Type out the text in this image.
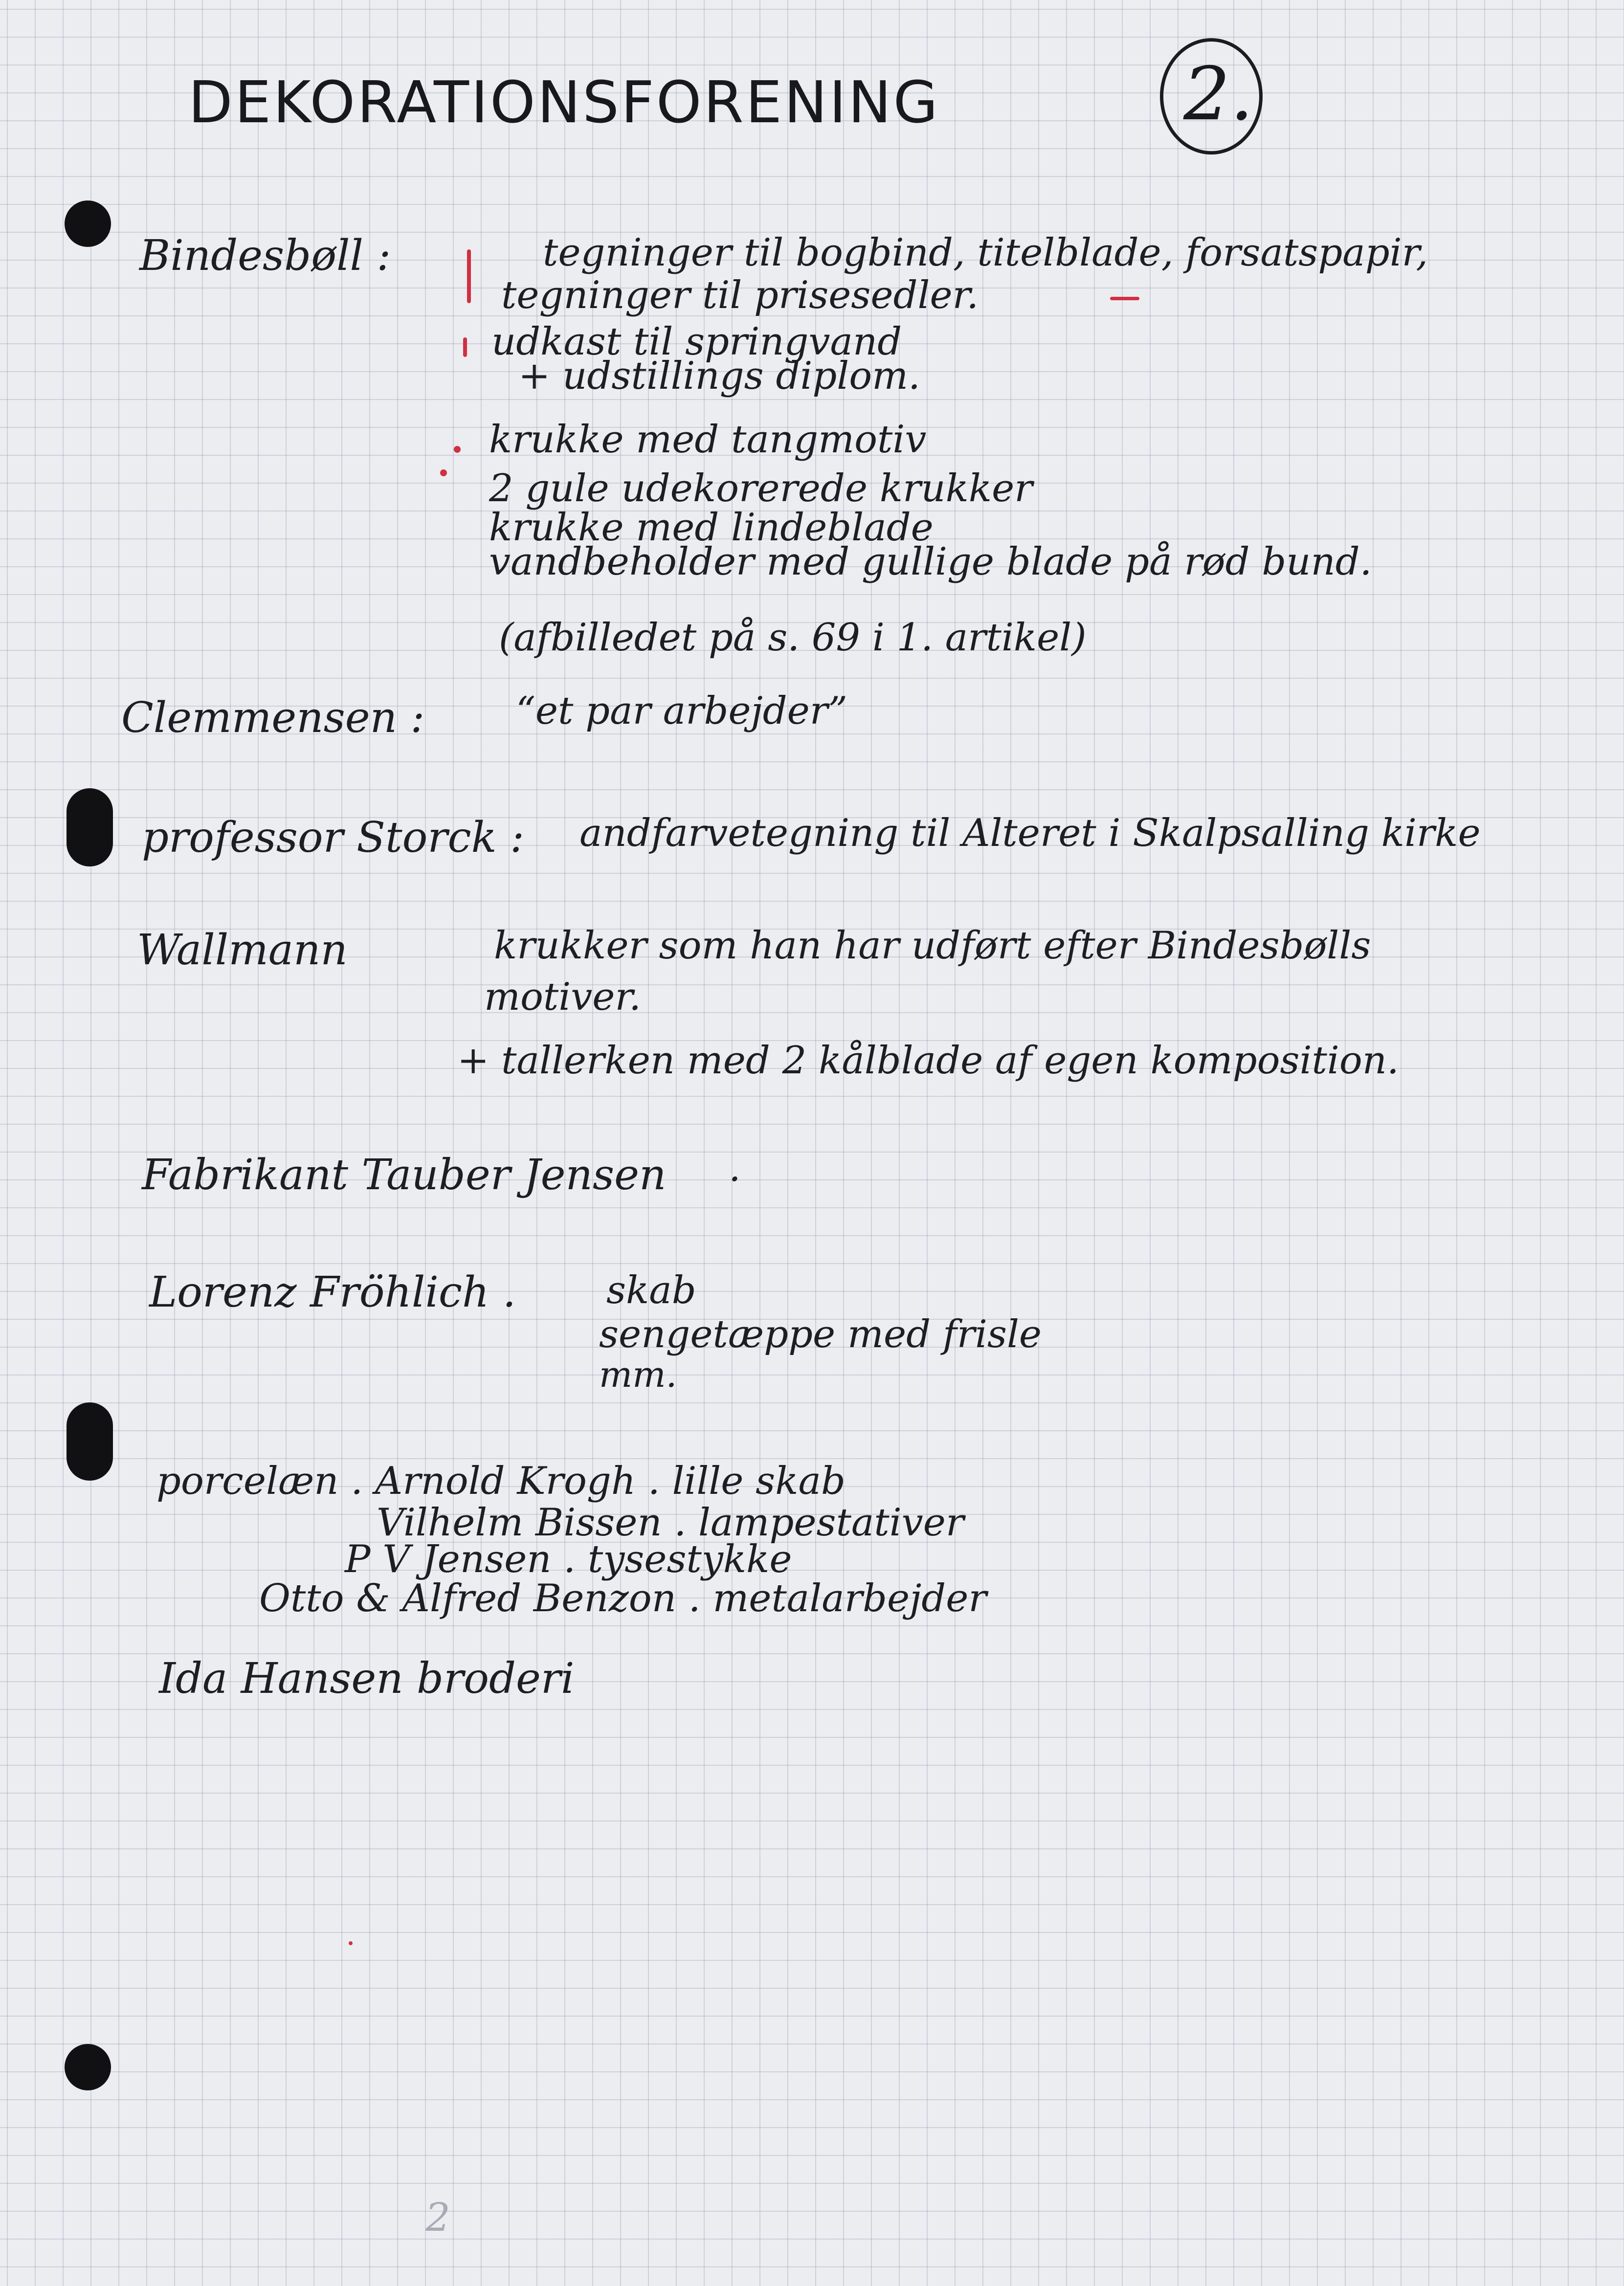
DEKORATIONSFORENING	2.
Bindesbøll :	tegninger til bogbind, titelblade, forsatspapir,
tegninger til prisesedler.
udkast til springvand
+ udstillings diplom.
krukke med tangmotiv
2 gule udekorerede krukker
krukke med lindeblade
vandbeholder med gullige blade på rød bund.
(afbilledet på s. 69 i 1. artikel)
Clemmensen : “et par arbejder”
professor Storck : andfarvetegning til Alteret i Skalpsalling kirke
Wallmann	krukker som han har udført efter Bindesbølls
motiver.
+ tallerken med 2 kålblade af egen komposition.
Fabrikant Tauber Jensen .
Lorenz Fröhlich . skab
sengetæppe med frisle
mm.
porcelæn . Arnold Krogh . lille skab
Vilhelm Bissen . lampestativer
P V Jensen . tysestykke
Otto & Alfred Benzon . metalarbejder
Ida Hansen broderi
2
